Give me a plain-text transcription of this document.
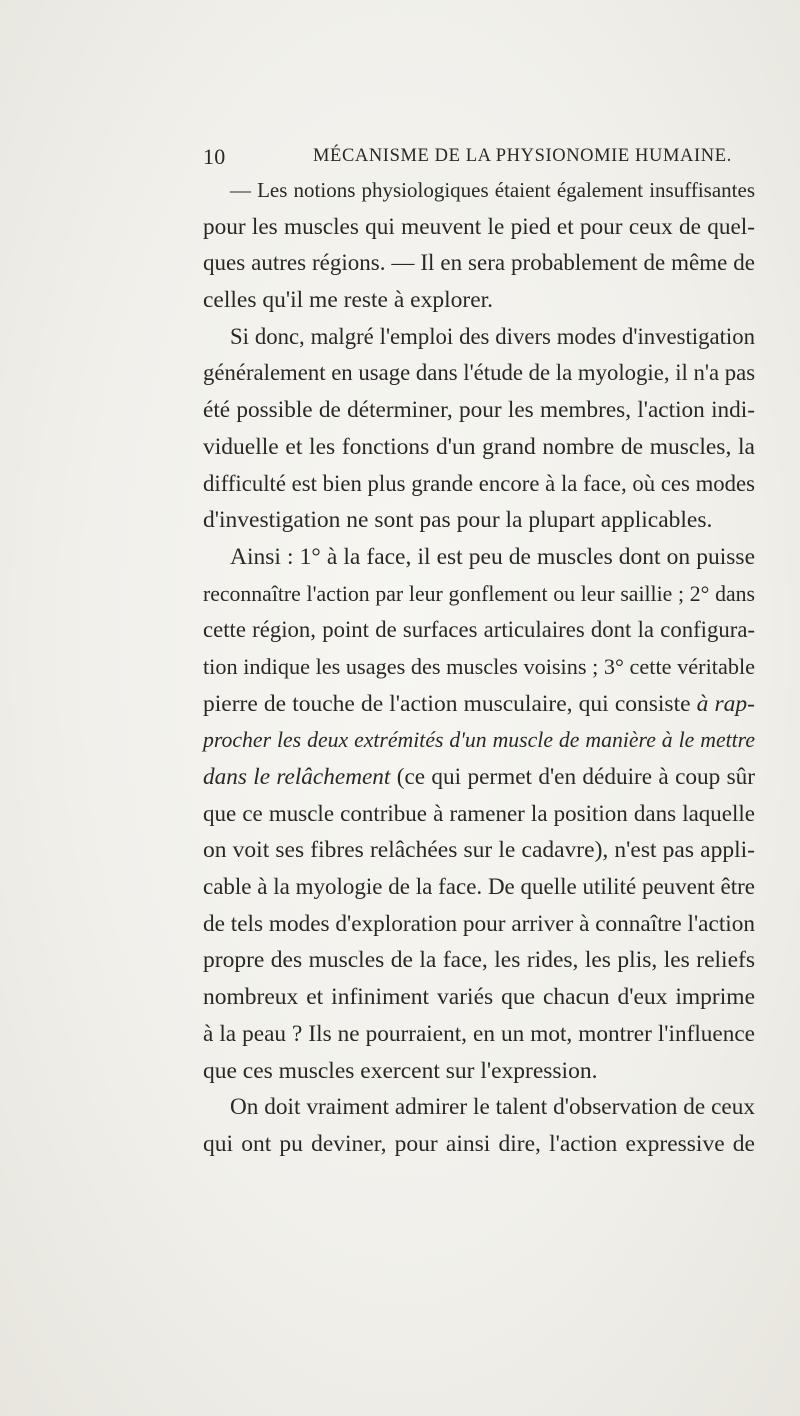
10	MÉCANISME DE LA PHYSIONOMIE HUMAINE.
— Les notions physiologiques étaient également insuffisantes
pour les muscles qui meuvent le pied et pour ceux de quel-
ques autres régions. — Il en sera probablement de même de
celles qu'il me reste à explorer.
Si donc, malgré l'emploi des divers modes d'investigation
généralement en usage dans l'étude de la myologie, il n'a pas
été possible de déterminer, pour les membres, l'action indi-
viduelle et les fonctions d'un grand nombre de muscles, la
difficulté est bien plus grande encore à la face, où ces modes
d'investigation ne sont pas pour la plupart applicables.
Ainsi : 1° à la face, il est peu de muscles dont on puisse
reconnaître l'action par leur gonflement ou leur saillie ; 2° dans
cette région, point de surfaces articulaires dont la configura-
tion indique les usages des muscles voisins ; 3° cette véritable
pierre de touche de l'action musculaire, qui consiste à rap-
procher les deux extrémités d'un muscle de manière à le mettre
dans le relâchement (ce qui permet d'en déduire à coup sûr
que ce muscle contribue à ramener la position dans laquelle
on voit ses fibres relâchées sur le cadavre), n'est pas appli-
cable à la myologie de la face. De quelle utilité peuvent être
de tels modes d'exploration pour arriver à connaître l'action
propre des muscles de la face, les rides, les plis, les reliefs
nombreux et infiniment variés que chacun d'eux imprime
à la peau ? Ils ne pourraient, en un mot, montrer l'influence
que ces muscles exercent sur l'expression.
On doit vraiment admirer le talent d'observation de ceux
qui ont pu deviner, pour ainsi dire, l'action expressive de
